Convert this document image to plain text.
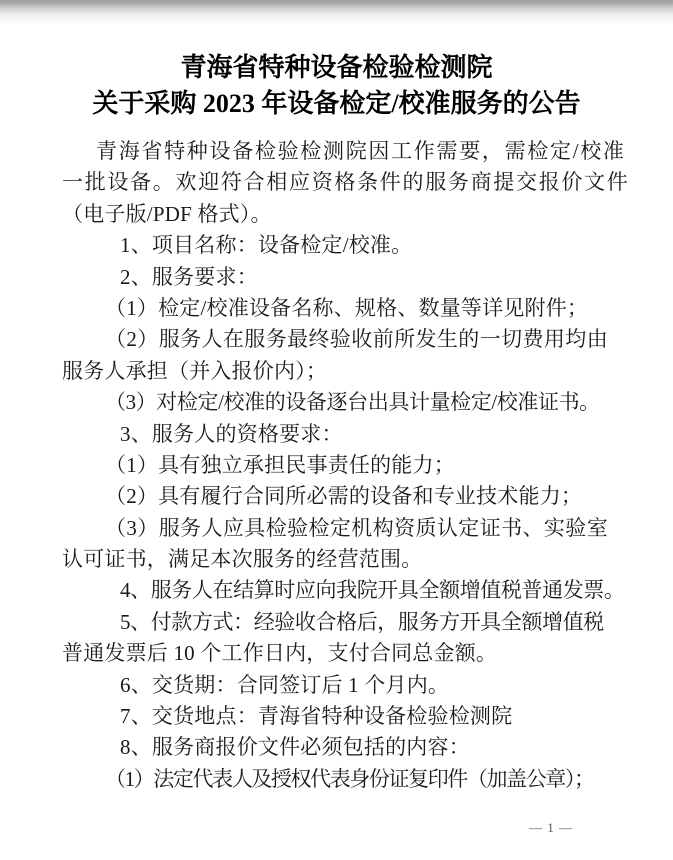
青海省特种设备检验检测院
关于采购 2023 年设备检定/校准服务的公告
青海省特种设备检验检测院因工作需要，需检定/校准
一批设备。欢迎符合相应资格条件的服务商提交报价文件
（电子版/PDF 格式）。
1、项目名称：设备检定/校准。
2、服务要求：
（1）检定/校准设备名称、规格、数量等详见附件；
（2）服务人在服务最终验收前所发生的一切费用均由
服务人承担（并入报价内）；
（3）对检定/校准的设备逐台出具计量检定/校准证书。
3、服务人的资格要求：
（1）具有独立承担民事责任的能力；
（2）具有履行合同所必需的设备和专业技术能力；
（3）服务人应具检验检定机构资质认定证书、实验室
认可证书，满足本次服务的经营范围。
4、服务人在结算时应向我院开具全额增值税普通发票。
5、付款方式：经验收合格后，服务方开具全额增值税
普通发票后 10 个工作日内，支付合同总金额。
6、交货期：合同签订后 1 个月内。
7、交货地点：青海省特种设备检验检测院
8、服务商报价文件必须包括的内容：
（1）法定代表人及授权代表身份证复印件（加盖公章）；
— 1 —
